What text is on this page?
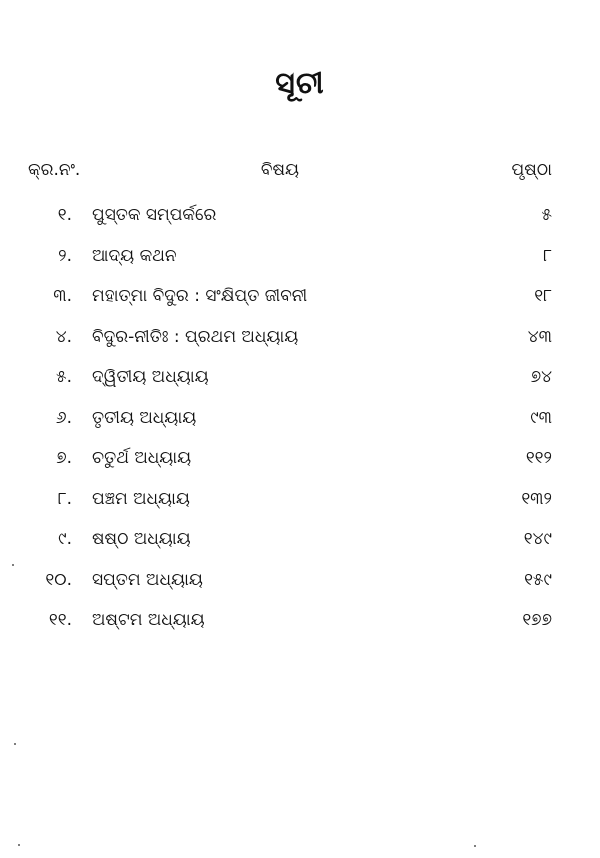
ସୂଚୀ
କ୍ର.ନଂ.	ବିଷୟ	ପୃଷ୍ଠା
୧. ପୁସ୍ତକ ସମ୍ପର୍କରେ	୫
୨. ଆଦ୍ୟ କଥନ	୮
୩. ମହାତ୍ମା ବିଦୁର : ସଂକ୍ଷିପ୍ତ ଜୀବନୀ	୧୮
୪. ବିଦୁର-ନୀତିଃ : ପ୍ରଥମ ଅଧ୍ୟାୟ	୪୩
୫. ଦ୍ୱିତୀୟ ଅଧ୍ୟାୟ	୭୪
୬. ତୃତୀୟ ଅଧ୍ୟାୟ	୯୩
୭. ଚତୁର୍ଥ ଅଧ୍ୟାୟ	୧୧୨
୮. ପଞ୍ଚମ ଅଧ୍ୟାୟ	୧୩୨
୯. ଷଷ୍ଠ ଅଧ୍ୟାୟ	୧୪୯
୧୦. ସପ୍ତମ ଅଧ୍ୟାୟ	୧୫୯
୧୧. ଅଷ୍ଟମ ଅଧ୍ୟାୟ	୧୭୭
